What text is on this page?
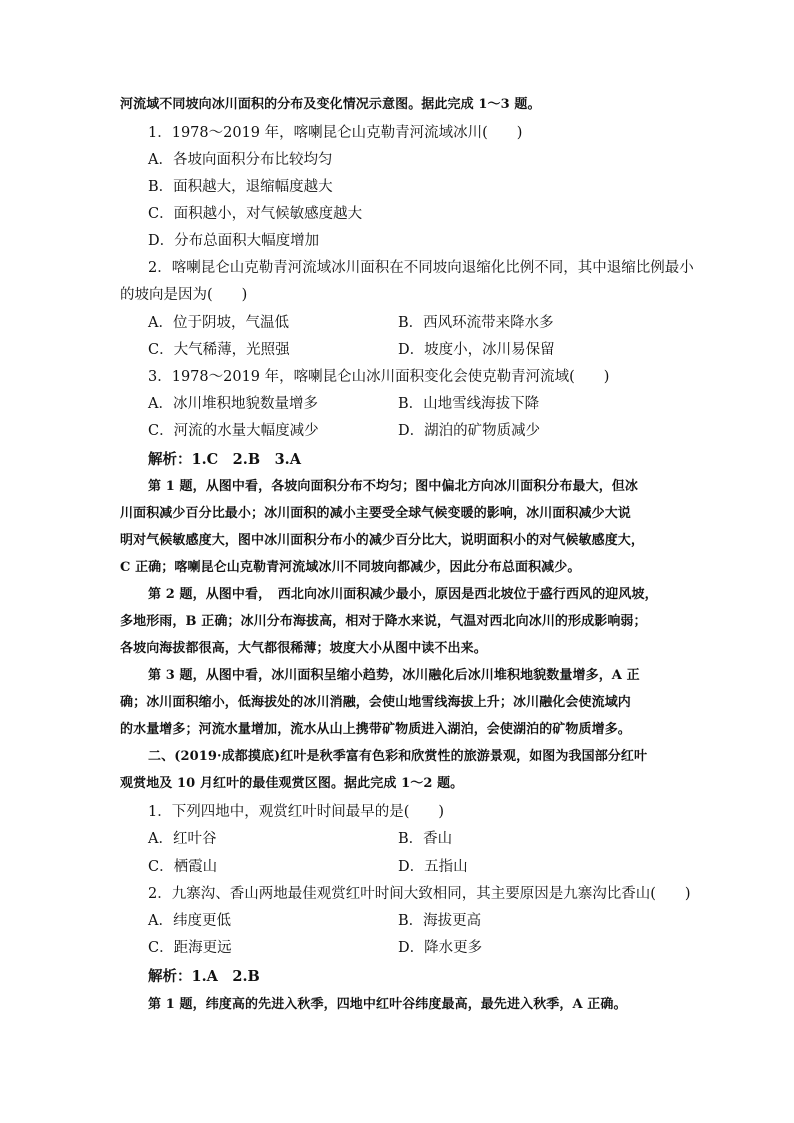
河流域不同坡向冰川面积的分布及变化情况示意图。据此完成 1～3 题。
1．1978～2019 年，喀喇昆仑山克勒青河流域冰川(　　)
A．各坡向面积分布比较均匀
B．面积越大，退缩幅度越大
C．面积越小，对气候敏感度越大
D．分布总面积大幅度增加
2．喀喇昆仑山克勒青河流域冰川面积在不同坡向退缩化比例不同，其中退缩比例最小
的坡向是因为(　　)
A．位于阴坡，气温低	B．西风环流带来降水多
C．大气稀薄，光照强	D．坡度小，冰川易保留
3．1978～2019 年，喀喇昆仑山冰川面积变化会使克勒青河流域(　　)
A．冰川堆积地貌数量增多	B．山地雪线海拔下降
C．河流的水量大幅度减少	D．湖泊的矿物质减少
解析：1.C　2.B　3.A
第 1 题，从图中看，各坡向面积分布不均匀；图中偏北方向冰川面积分布最大，但冰
川面积减少百分比最小；冰川面积的减小主要受全球气候变暖的影响，冰川面积减少大说
明对气候敏感度大，图中冰川面积分布小的减少百分比大，说明面积小的对气候敏感度大，
C 正确；喀喇昆仑山克勒青河流域冰川不同坡向都减少，因此分布总面积减少。
第 2 题，从图中看，　西北向冰川面积减少最小，原因是西北坡位于盛行西风的迎风坡，
多地形雨，B 正确；冰川分布海拔高，相对于降水来说，气温对西北向冰川的形成影响弱；
各坡向海拔都很高，大气都很稀薄；坡度大小从图中读不出来。
第 3 题，从图中看，冰川面积呈缩小趋势，冰川融化后冰川堆积地貌数量增多，A 正
确；冰川面积缩小，低海拔处的冰川消融，会使山地雪线海拔上升；冰川融化会使流域内
的水量增多；河流水量增加，流水从山上携带矿物质进入湖泊，会使湖泊的矿物质增多。
二、(2019·成都摸底)红叶是秋季富有色彩和欣赏性的旅游景观，如图为我国部分红叶
观赏地及 10 月红叶的最佳观赏区图。据此完成 1～2 题。
1．下列四地中，观赏红叶时间最早的是(　　)
A．红叶谷	B．香山
C．栖霞山	D．五指山
2．九寨沟、香山两地最佳观赏红叶时间大致相同，其主要原因是九寨沟比香山(　　)
A．纬度更低	B．海拔更高
C．距海更远	D．降水更多
解析：1.A　2.B
第 1 题，纬度高的先进入秋季，四地中红叶谷纬度最高，最先进入秋季，A 正确。
